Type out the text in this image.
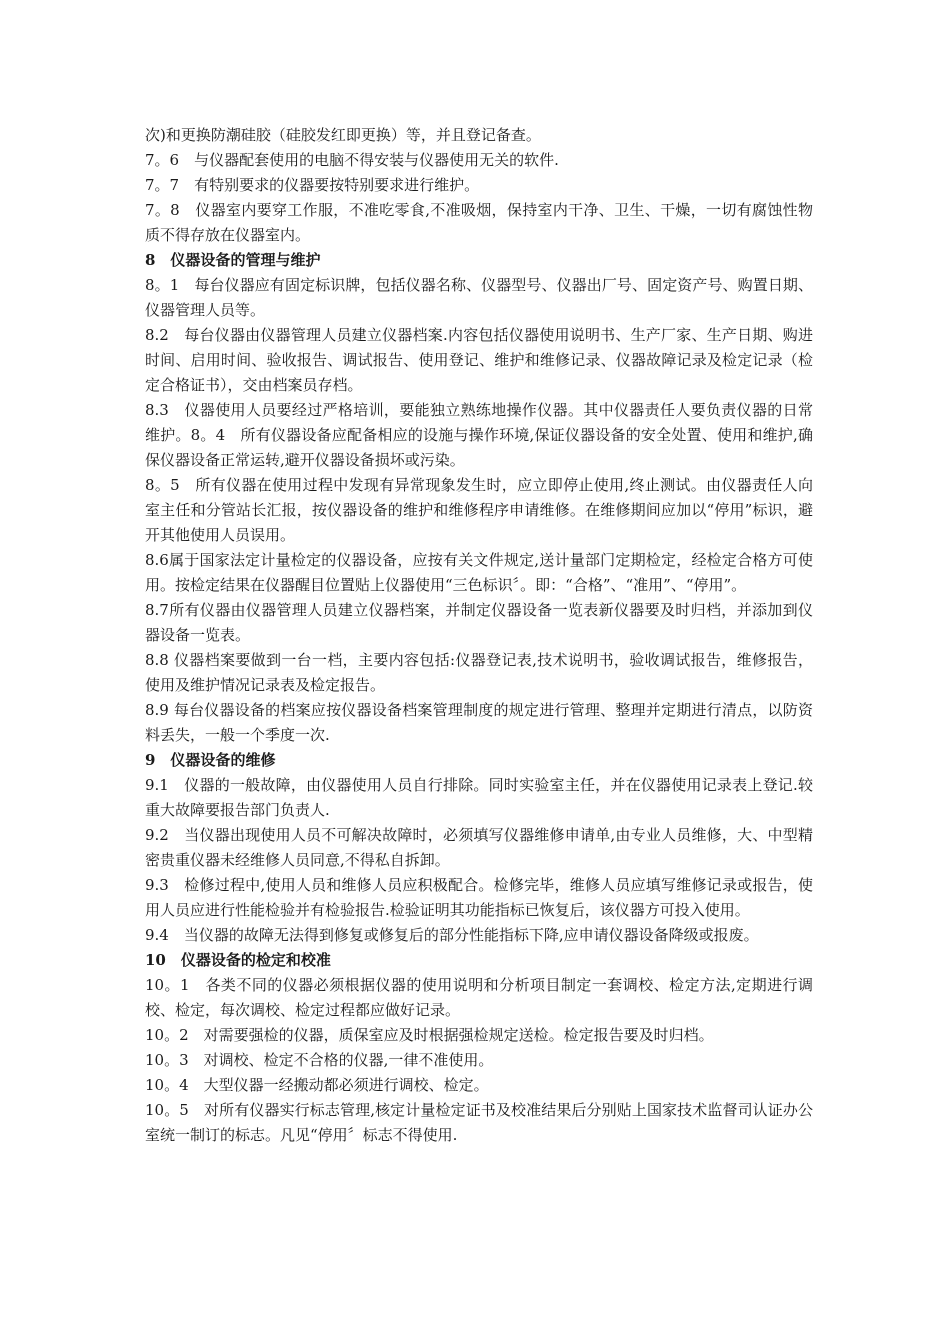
次)和更换防潮硅胶（硅胶发红即更换）等，并且登记备查。

7。6　与仪器配套使用的电脑不得安装与仪器使用无关的软件.

7。7　有特别要求的仪器要按特别要求进行维护。

7。8　仪器室内要穿工作服，不准吃零食,不准吸烟，保持室内干净、卫生、干燥，一切有腐蚀性物质不得存放在仪器室内。

8　仪器设备的管理与维护

8。1　每台仪器应有固定标识牌，包括仪器名称、仪器型号、仪器出厂号、固定资产号、购置日期、仪器管理人员等。

8.2　每台仪器由仪器管理人员建立仪器档案.内容包括仪器使用说明书、生产厂家、生产日期、购进时间、启用时间、验收报告、调试报告、使用登记、维护和维修记录、仪器故障记录及检定记录（检定合格证书），交由档案员存档。

8.3　仪器使用人员要经过严格培训，要能独立熟练地操作仪器。其中仪器责任人要负责仪器的日常维护。8。4　所有仪器设备应配备相应的设施与操作环境,保证仪器设备的安全处置、使用和维护,确保仪器设备正常运转,避开仪器设备损坏或污染。

8。5　所有仪器在使用过程中发现有异常现象发生时，应立即停止使用,终止测试。由仪器责任人向室主任和分管站长汇报，按仪器设备的维护和维修程序申请维修。在维修期间应加以“停用”标识，避开其他使用人员误用。

8.6属于国家法定计量检定的仪器设备，应按有关文件规定,送计量部门定期检定，经检定合格方可使用。按检定结果在仪器醒目位置贴上仪器使用“三色标识〞。即：“合格”、“准用”、“停用”。

8.7所有仪器由仪器管理人员建立仪器档案，并制定仪器设备一览表新仪器要及时归档，并添加到仪器设备一览表。

8.8 仪器档案要做到一台一档，主要内容包括:仪器登记表,技术说明书，验收调试报告，维修报告，使用及维护情况记录表及检定报告。

8.9 每台仪器设备的档案应按仪器设备档案管理制度的规定进行管理、整理并定期进行清点，以防资料丢失，一般一个季度一次.

9　仪器设备的维修

9.1　仪器的一般故障，由仪器使用人员自行排除。同时实验室主任，并在仪器使用记录表上登记.较重大故障要报告部门负责人.

9.2　当仪器出现使用人员不可解决故障时，必须填写仪器维修申请单,由专业人员维修，大、中型精密贵重仪器未经维修人员同意,不得私自拆卸。

9.3　检修过程中,使用人员和维修人员应积极配合。检修完毕，维修人员应填写维修记录或报告，使用人员应进行性能检验并有检验报告.检验证明其功能指标已恢复后，该仪器方可投入使用。

9.4　当仪器的故障无法得到修复或修复后的部分性能指标下降,应申请仪器设备降级或报废。

10　仪器设备的检定和校准

10。1　各类不同的仪器必须根据仪器的使用说明和分析项目制定一套调校、检定方法,定期进行调校、检定，每次调校、检定过程都应做好记录。

10。2　对需要强检的仪器，质保室应及时根据强检规定送检。检定报告要及时归档。

10。3　对调校、检定不合格的仪器,一律不准使用。

10。4　大型仪器一经搬动都必须进行调校、检定。

10。5　对所有仪器实行标志管理,核定计量检定证书及校准结果后分别贴上国家技术监督司认证办公室统一制订的标志。凡见“停用〞标志不得使用.
